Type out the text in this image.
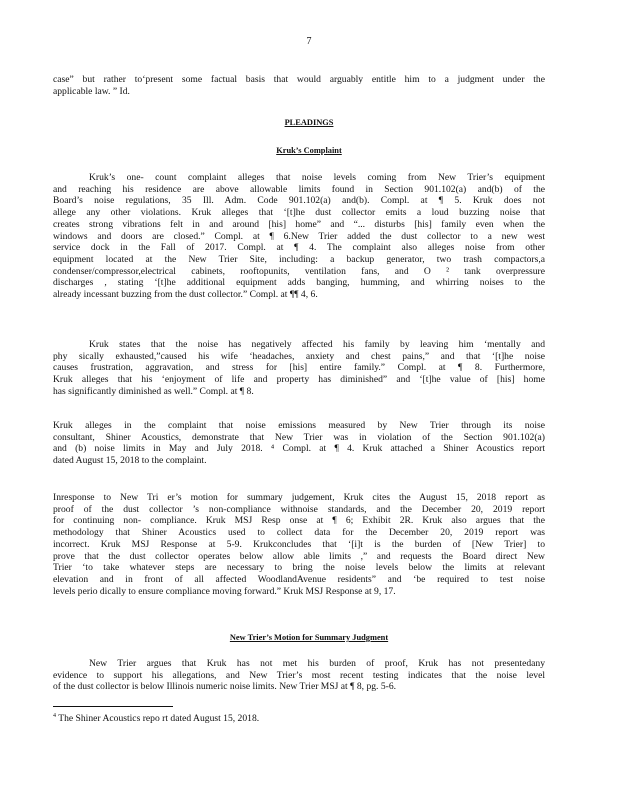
7
case” but rather to‘present some factual basis that would arguably entitle him to a judgment under the
applicable law. ” Id.
PLEADINGS
Kruk’s Complaint
Kruk’s one- count complaint alleges that noise levels coming from New Trier’s equipment
and reaching his residence are above allowable limits found in Section 901.102(a) and(b) of the
Board’s noise regulations, 35 Ill. Adm. Code 901.102(a) and(b). Compl. at ¶ 5. Kruk does not
allege any other violations. Kruk alleges that ‘[t]he dust collector emits a loud buzzing noise that
creates strong vibrations felt in and around [his] home” and “... disturbs [his] family even when the
windows and doors are closed.” Compl. at ¶ 6.New Trier added the dust collector to a new west
service dock in the Fall of 2017. Compl. at ¶ 4. The complaint also alleges noise from other
equipment located at the New Trier Site, including: a backup generator, two trash compactors,a
condenser/compressor,electrical cabinets, rooftopunits, ventilation fans, and O ² tank overpressure
discharges , stating ‘[t]he additional equipment adds banging, humming, and whirring noises to the
already incessant buzzing from the dust collector.” Compl. at ¶¶ 4, 6.
Kruk states that the noise has negatively affected his family by leaving him ‘mentally and
phy sically exhausted,”caused his wife ‘headaches, anxiety and chest pains,” and that ‘[t]he noise
causes frustration, aggravation, and stress for [his] entire family.” Compl. at ¶ 8. Furthermore,
Kruk alleges that his ‘enjoyment of life and property has diminished” and ‘[t]he value of [his] home
has significantly diminished as well.” Compl. at ¶ 8.
Kruk alleges in the complaint that noise emissions measured by New Trier through its noise
consultant, Shiner Acoustics, demonstrate that New Trier was in violation of the Section 901.102(a)
and (b) noise limits in May and July 2018. ⁴ Compl. at ¶ 4. Kruk attached a Shiner Acoustics report
dated August 15, 2018 to the complaint.
Inresponse to New Tri er’s motion for summary judgement, Kruk cites the August 15, 2018 report as
proof of the dust collector ’s non-compliance withnoise standards, and the December 20, 2019 report
for continuing non- compliance. Kruk MSJ Resp onse at ¶ 6; Exhibit 2R. Kruk also argues that the
methodology that Shiner Acoustics used to collect data for the December 20, 2019 report was
incorrect. Kruk MSJ Response at 5-9. Krukconcludes that ‘[i]t is the burden of [New Trier] to
prove that the dust collector operates below allow able limits ,” and requests the Board direct New
Trier ‘to take whatever steps are necessary to bring the noise levels below the limits at relevant
elevation and in front of all affected WoodlandAvenue residents” and ‘be required to test noise
levels perio dically to ensure compliance moving forward.” Kruk MSJ Response at 9, 17.
New Trier’s Motion for Summary Judgment
New Trier argues that Kruk has not met his burden of proof, Kruk has not presentedany
evidence to support his allegations, and New Trier’s most recent testing indicates that the noise level
of the dust collector is below Illinois numeric noise limits. New Trier MSJ at ¶ 8, pg. 5-6.
$^4$ The Shiner Acoustics repo rt dated August 15, 2018.
